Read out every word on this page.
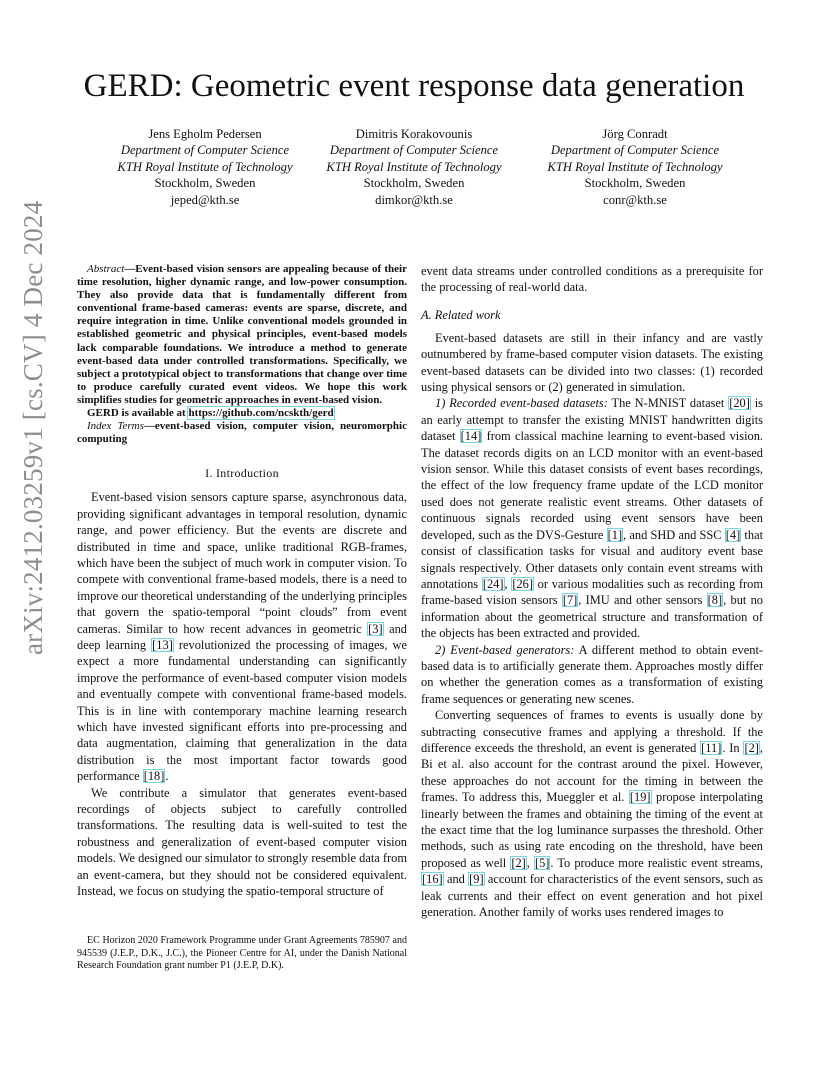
arXiv:2412.03259v1 [cs.CV] 4 Dec 2024
GERD: Geometric event response data generation
Jens Egholm Pedersen
Department of Computer Science
KTH Royal Institute of Technology
Stockholm, Sweden
jeped@kth.se
Dimitris Korakovounis
Department of Computer Science
KTH Royal Institute of Technology
Stockholm, Sweden
dimkor@kth.se
Jörg Conradt
Department of Computer Science
KTH Royal Institute of Technology
Stockholm, Sweden
conr@kth.se

Abstract—Event-based vision sensors are appealing because of their time resolution, higher dynamic range, and low-power consumption. They also provide data that is fundamentally different from conventional frame-based cameras: events are sparse, discrete, and require integration in time. Unlike conventional models grounded in established geometric and physical principles, event-based models lack comparable foundations. We introduce a method to generate event-based data under controlled transformations. Specifically, we subject a prototypical object to transformations that change over time to produce carefully curated event videos. We hope this work simplifies studies for geometric approaches in event-based vision.

GERD is available at https://github.com/ncskth/gerd

Index Terms—event-based vision, computer vision, neuromorphic computing

I. Introduction

Event-based vision sensors capture sparse, asynchronous data, providing significant advantages in temporal resolution, dynamic range, and power efficiency. But the events are discrete and distributed in time and space, unlike traditional RGB-frames, which have been the subject of much work in computer vision. To compete with conventional frame-based models, there is a need to improve our theoretical understanding of the underlying principles that govern the spatio-temporal “point clouds” from event cameras. Similar to how recent advances in geometric [3] and deep learning [13] revolutionized the processing of images, we expect a more fundamental understanding can significantly improve the performance of event-based computer vision models and eventually compete with conventional frame-based models. This is in line with contemporary machine learning research which have invested significant efforts into pre-processing and data augmentation, claiming that generalization in the data distribution is the most important factor towards good performance [18].

We contribute a simulator that generates event-based recordings of objects subject to carefully controlled transformations. The resulting data is well-suited to test the robustness and generalization of event-based computer vision models. We designed our simulator to strongly resemble data from an event-camera, but they should not be considered equivalent. Instead, we focus on studying the spatio-temporal structure of

EC Horizon 2020 Framework Programme under Grant Agreements 785907 and 945539 (J.E.P., D.K., J.C.), the Pioneer Centre for AI, under the Danish National Research Foundation grant number P1 (J.E.P, D.K).

event data streams under controlled conditions as a prerequisite for the processing of real-world data.

A. Related work

Event-based datasets are still in their infancy and are vastly outnumbered by frame-based computer vision datasets. The existing event-based datasets can be divided into two classes: (1) recorded using physical sensors or (2) generated in simulation.

1) Recorded event-based datasets: The N-MNIST dataset [20] is an early attempt to transfer the existing MNIST handwritten digits dataset [14] from classical machine learning to event-based vision. The dataset records digits on an LCD monitor with an event-based vision sensor. While this dataset consists of event bases recordings, the effect of the low frequency frame update of the LCD monitor used does not generate realistic event streams. Other datasets of continuous signals recorded using event sensors have been developed, such as the DVS-Gesture [1], and SHD and SSC [4] that consist of classification tasks for visual and auditory event base signals respectively. Other datasets only contain event streams with annotations [24], [26] or various modalities such as recording from frame-based vision sensors [7], IMU and other sensors [8], but no information about the geometrical structure and transformation of the objects has been extracted and provided.

2) Event-based generators: A different method to obtain event-based data is to artificially generate them. Approaches mostly differ on whether the generation comes as a transformation of existing frame sequences or generating new scenes.

Converting sequences of frames to events is usually done by subtracting consecutive frames and applying a threshold. If the difference exceeds the threshold, an event is generated [11]. In [2], Bi et al. also account for the contrast around the pixel. However, these approaches do not account for the timing in between the frames. To address this, Mueggler et al. [19] propose interpolating linearly between the frames and obtaining the timing of the event at the exact time that the log luminance surpasses the threshold. Other methods, such as using rate encoding on the threshold, have been proposed as well [2], [5]. To produce more realistic event streams, [16] and [9] account for characteristics of the event sensors, such as leak currents and their effect on event generation and hot pixel generation. Another family of works uses rendered images to
